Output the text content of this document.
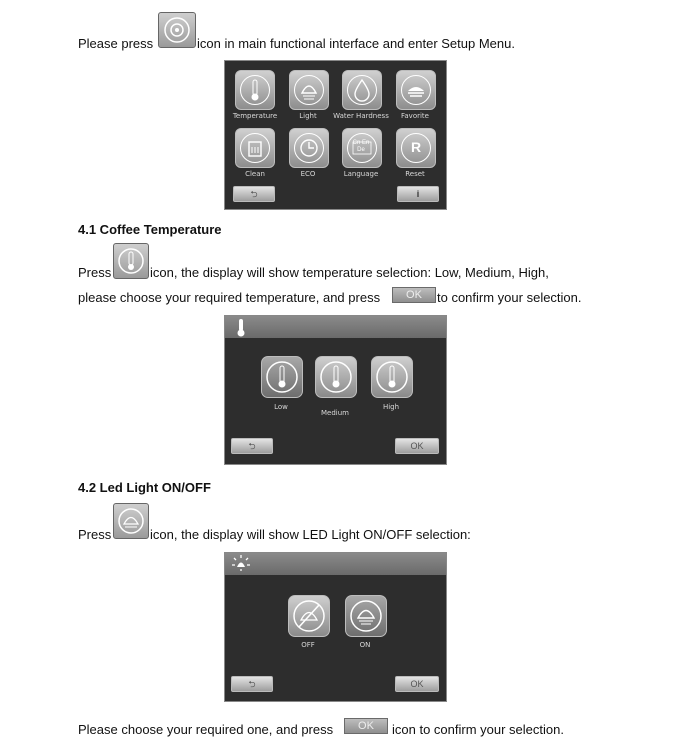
Please press	icon in main functional interface and enter Setup Menu.
Temperature	Light	Water Hardness	Favorite
R
Cn En
De
Clean	ECO	Language	Reset
⮌	i
4.1 Coffee Temperature
Press	icon, the display will show temperature selection: Low, Medium, High,
please choose your required temperature, and press	OK	to confirm your selection.
Low
Medium
High
⮌	OK
4.2 Led Light ON/OFF
Press	icon, the display will show LED Light ON/OFF selection:
OFF	ON
⮌	OK
Please choose your required one, and press	OK	icon to confirm your selection.
